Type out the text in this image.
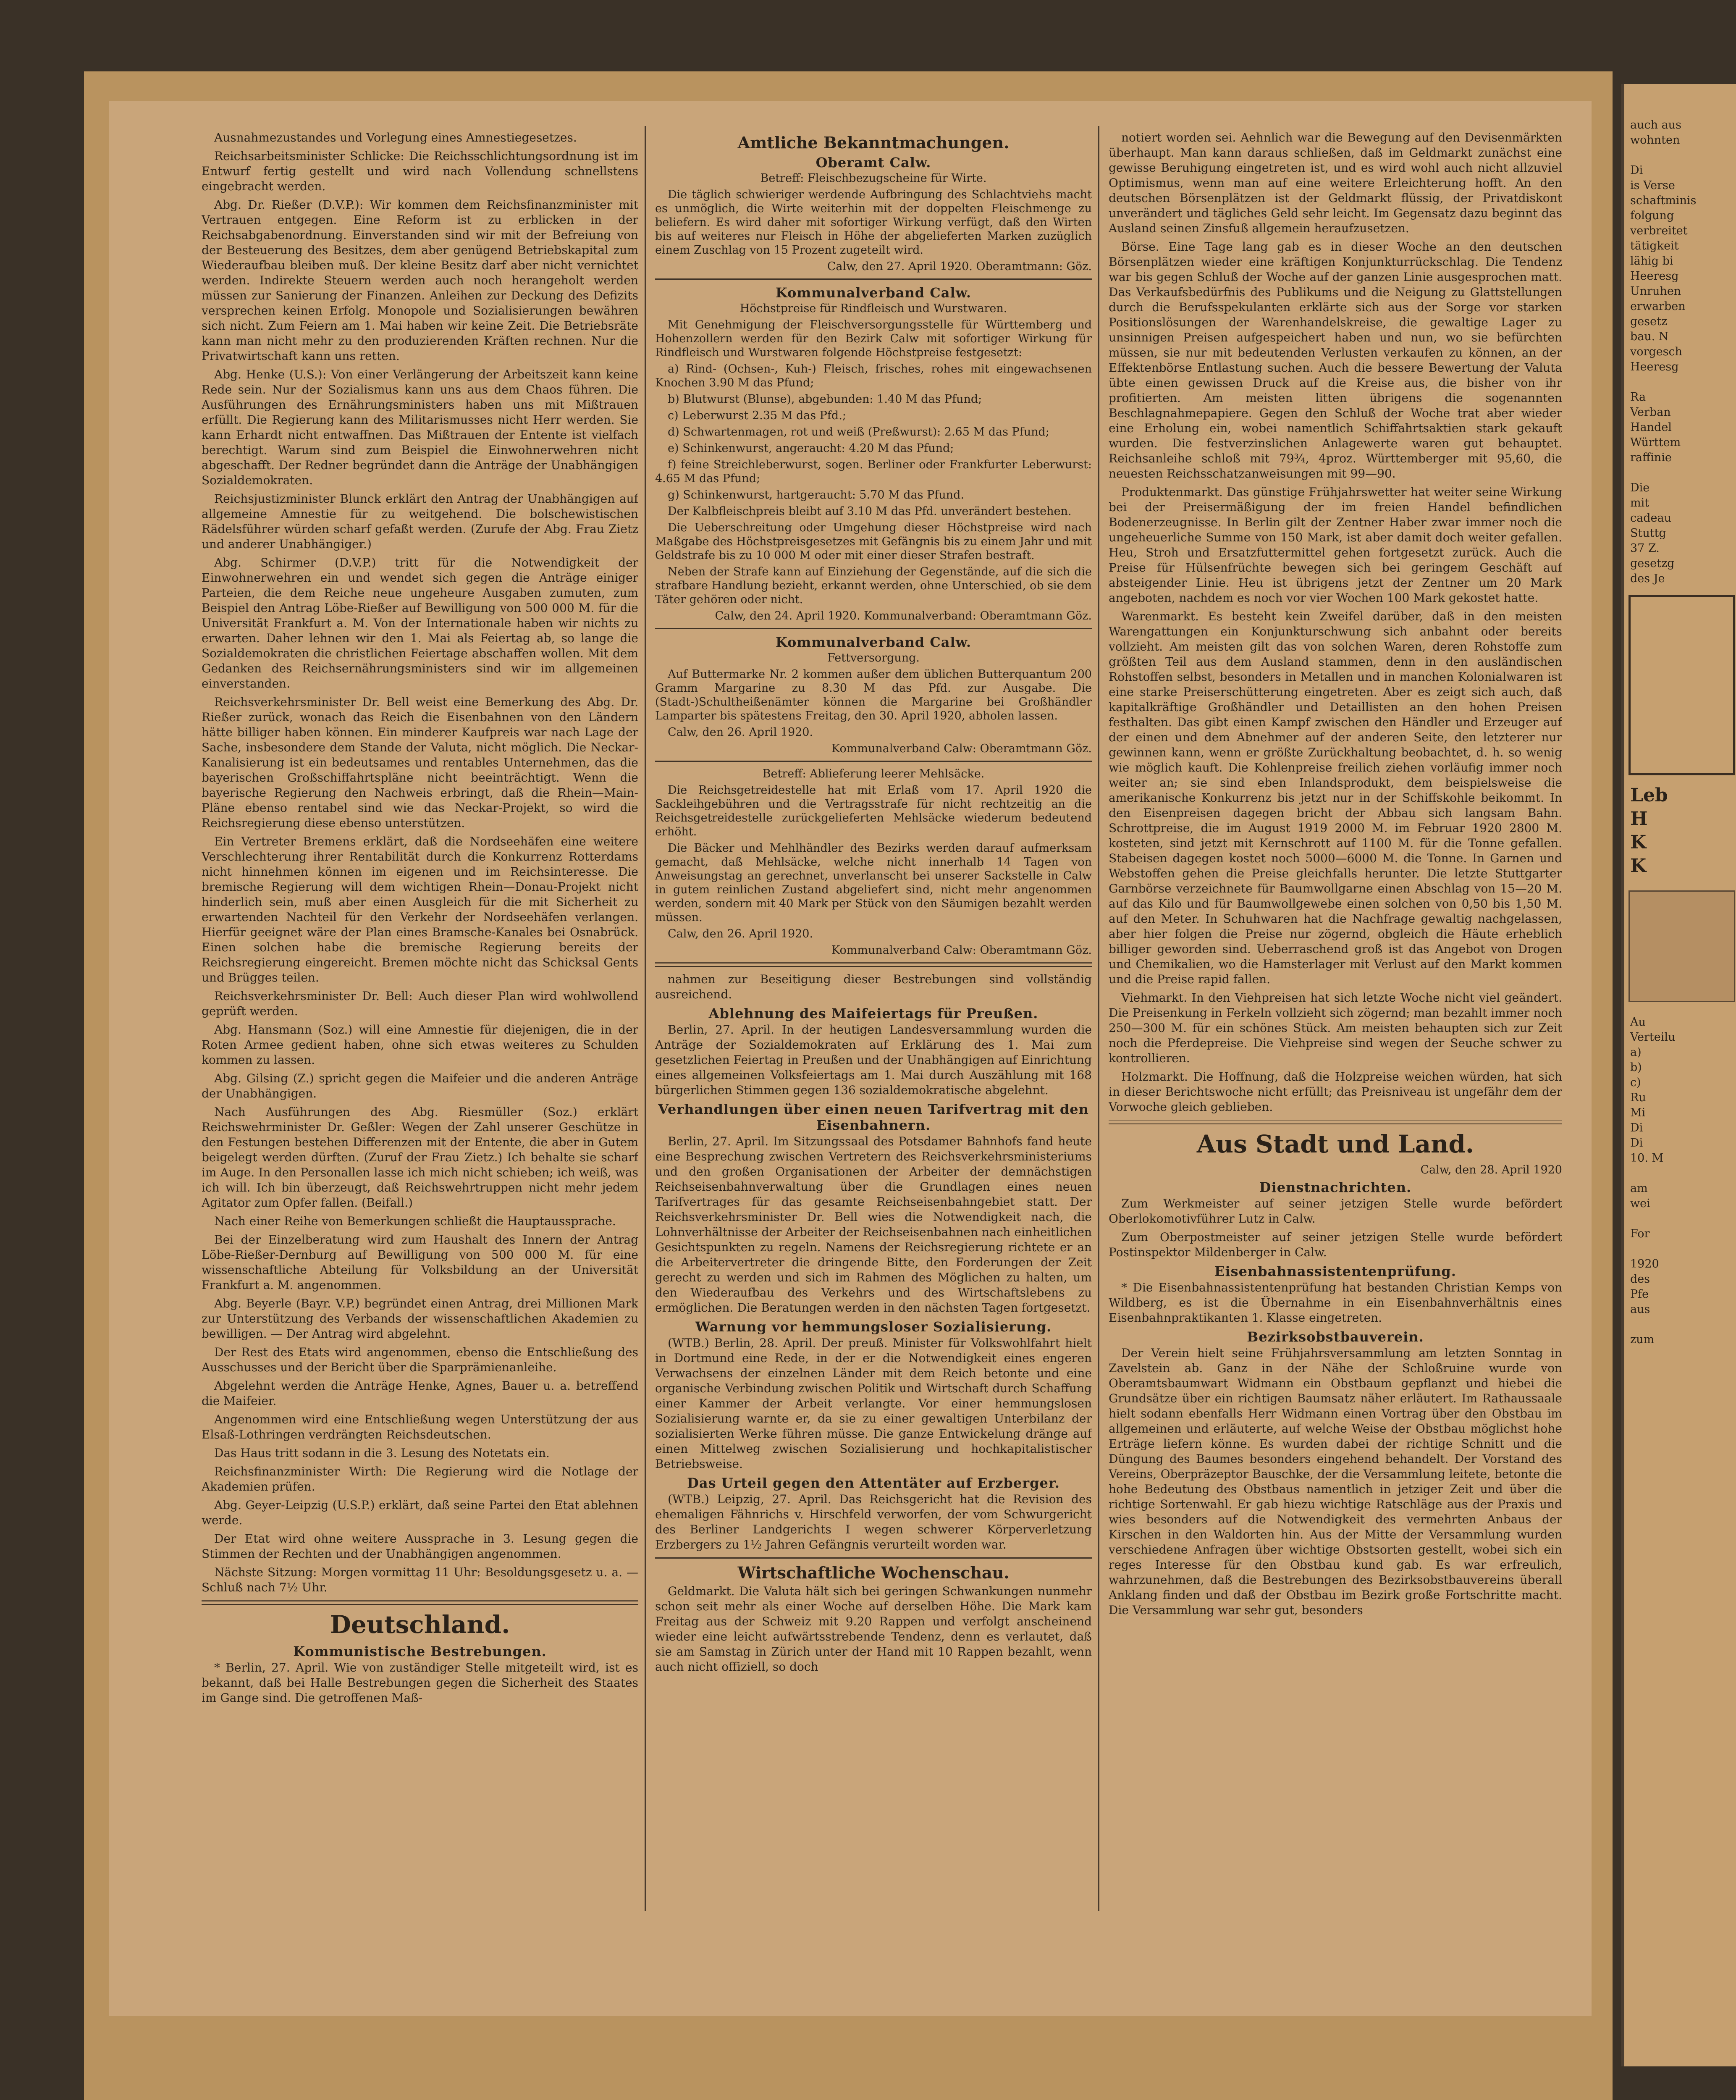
Ausnahmezustandes und Vorlegung eines Amnestiegesetzes.

Reichsarbeitsminister Schlicke: Die Reichsschlichtungsordnung ist im Entwurf fertig gestellt und wird nach Vollendung schnellstens eingebracht werden.

Abg. Dr. Rießer (D.V.P.): Wir kommen dem Reichsfinanzminister mit Vertrauen entgegen. Eine Reform ist zu erblicken in der Reichsabgabenordnung. Einverstanden sind wir mit der Befreiung von der Besteuerung des Besitzes, dem aber genügend Betriebskapital zum Wiederaufbau bleiben muß. Der kleine Besitz darf aber nicht vernichtet werden. Indirekte Steuern werden auch noch herangeholt werden müssen zur Sanierung der Finanzen. Anleihen zur Deckung des Defizits versprechen keinen Erfolg. Monopole und Sozialisierungen bewähren sich nicht. Zum Feiern am 1. Mai haben wir keine Zeit. Die Betriebsräte kann man nicht mehr zu den produzierenden Kräften rechnen. Nur die Privatwirtschaft kann uns retten.

Abg. Henke (U.S.): Von einer Verlängerung der Arbeitszeit kann keine Rede sein. Nur der Sozialismus kann uns aus dem Chaos führen. Die Ausführungen des Ernährungsministers haben uns mit Mißtrauen erfüllt. Die Regierung kann des Militarismusses nicht Herr werden. Sie kann Erhardt nicht entwaffnen. Das Mißtrauen der Entente ist vielfach berechtigt. Warum sind zum Beispiel die Einwohnerwehren nicht abgeschafft. Der Redner begründet dann die Anträge der Unabhängigen Sozialdemokraten.

Reichsjustizminister Blunck erklärt den Antrag der Unabhängigen auf allgemeine Amnestie für zu weitgehend. Die bolschewistischen Rädelsführer würden scharf gefaßt werden. (Zurufe der Abg. Frau Zietz und anderer Unabhängiger.)

Abg. Schirmer (D.V.P.) tritt für die Notwendigkeit der Einwohnerwehren ein und wendet sich gegen die Anträge einiger Parteien, die dem Reiche neue ungeheure Ausgaben zumuten, zum Beispiel den Antrag Löbe-Rießer auf Bewilligung von 500 000 M. für die Universität Frankfurt a. M. Von der Internationale haben wir nichts zu erwarten. Daher lehnen wir den 1. Mai als Feiertag ab, so lange die Sozialdemokraten die christlichen Feiertage abschaffen wollen. Mit dem Gedanken des Reichsernährungsministers sind wir im allgemeinen einverstanden.

Reichsverkehrsminister Dr. Bell weist eine Bemerkung des Abg. Dr. Rießer zurück, wonach das Reich die Eisenbahnen von den Ländern hätte billiger haben können. Ein minderer Kaufpreis war nach Lage der Sache, insbesondere dem Stande der Valuta, nicht möglich. Die Neckar-Kanalisierung ist ein bedeutsames und rentables Unternehmen, das die bayerischen Großschiffahrtspläne nicht beeinträchtigt. Wenn die bayerische Regierung den Nachweis erbringt, daß die Rhein—Main-Pläne ebenso rentabel sind wie das Neckar-Projekt, so wird die Reichsregierung diese ebenso unterstützen.

Ein Vertreter Bremens erklärt, daß die Nordseehäfen eine weitere Verschlechterung ihrer Rentabilität durch die Konkurrenz Rotterdams nicht hinnehmen können im eigenen und im Reichsinteresse. Die bremische Regierung will dem wichtigen Rhein—Donau-Projekt nicht hinderlich sein, muß aber einen Ausgleich für die mit Sicherheit zu erwartenden Nachteil für den Verkehr der Nordseehäfen verlangen. Hierfür geeignet wäre der Plan eines Bramsche-Kanales bei Osnabrück. Einen solchen habe die bremische Regierung bereits der Reichsregierung eingereicht. Bremen möchte nicht das Schicksal Gents und Brügges teilen.

Reichsverkehrsminister Dr. Bell: Auch dieser Plan wird wohlwollend geprüft werden.

Abg. Hansmann (Soz.) will eine Amnestie für diejenigen, die in der Roten Armee gedient haben, ohne sich etwas weiteres zu Schulden kommen zu lassen.

Abg. Gilsing (Z.) spricht gegen die Maifeier und die anderen Anträge der Unabhängigen.

Nach Ausführungen des Abg. Riesmüller (Soz.) erklärt Reichswehrminister Dr. Geßler: Wegen der Zahl unserer Geschütze in den Festungen bestehen Differenzen mit der Entente, die aber in Gutem beigelegt werden dürften. (Zuruf der Frau Zietz.) Ich behalte sie scharf im Auge. In den Personallen lasse ich mich nicht schieben; ich weiß, was ich will. Ich bin überzeugt, daß Reichswehrtruppen nicht mehr jedem Agitator zum Opfer fallen. (Beifall.)

Nach einer Reihe von Bemerkungen schließt die Hauptaussprache.

Bei der Einzelberatung wird zum Haushalt des Innern der Antrag Löbe-Rießer-Dernburg auf Bewilligung von 500 000 M. für eine wissenschaftliche Abteilung für Volksbildung an der Universität Frankfurt a. M. angenommen.

Abg. Beyerle (Bayr. V.P.) begründet einen Antrag, drei Millionen Mark zur Unterstützung des Verbands der wissenschaftlichen Akademien zu bewilligen. — Der Antrag wird abgelehnt.

Der Rest des Etats wird angenommen, ebenso die Entschließung des Ausschusses und der Bericht über die Sparprämienanleihe.

Abgelehnt werden die Anträge Henke, Agnes, Bauer u. a. betreffend die Maifeier.

Angenommen wird eine Entschließung wegen Unterstützung der aus Elsaß-Lothringen verdrängten Reichsdeutschen.

Das Haus tritt sodann in die 3. Lesung des Notetats ein.

Reichsfinanzminister Wirth: Die Regierung wird die Notlage der Akademien prüfen.

Abg. Geyer-Leipzig (U.S.P.) erklärt, daß seine Partei den Etat ablehnen werde.

Der Etat wird ohne weitere Aussprache in 3. Lesung gegen die Stimmen der Rechten und der Unabhängigen angenommen.

Nächste Sitzung: Morgen vormittag 11 Uhr: Besoldungsgesetz u. a. — Schluß nach 7½ Uhr.

Deutschland.
Kommunistische Bestrebungen.

* Berlin, 27. April. Wie von zuständiger Stelle mitgeteilt wird, ist es bekannt, daß bei Halle Bestrebungen gegen die Sicherheit des Staates im Gange sind. Die getroffenen Maß-

Amtliche Bekanntmachungen.
Oberamt Calw.

Betreff: Fleischbezugscheine für Wirte.

Die täglich schwieriger werdende Aufbringung des Schlachtviehs macht es unmöglich, die Wirte weiterhin mit der doppelten Fleischmenge zu beliefern. Es wird daher mit sofortiger Wirkung verfügt, daß den Wirten bis auf weiteres nur Fleisch in Höhe der abgelieferten Marken zuzüglich einem Zuschlag von 15 Prozent zugeteilt wird.

Calw, den 27. April 1920. Oberamtmann: Göz.

Kommunalverband Calw.

Höchstpreise für Rindfleisch und Wurstwaren.

Mit Genehmigung der Fleischversorgungsstelle für Württemberg und Hohenzollern werden für den Bezirk Calw mit sofortiger Wirkung für Rindfleisch und Wurstwaren folgende Höchstpreise festgesetzt:

a) Rind- (Ochsen-, Kuh-) Fleisch, frisches, rohes mit eingewachsenen Knochen 3.90 M das Pfund;

b) Blutwurst (Blunse), abgebunden: 1.40 M das Pfund;

c) Leberwurst 2.35 M das Pfd.;

d) Schwartenmagen, rot und weiß (Preßwurst): 2.65 M das Pfund;

e) Schinkenwurst, angeraucht: 4.20 M das Pfund;

f) feine Streichleberwurst, sogen. Berliner oder Frankfurter Leberwurst: 4.65 M das Pfund;

g) Schinkenwurst, hartgeraucht: 5.70 M das Pfund.

Der Kalbfleischpreis bleibt auf 3.10 M das Pfd. unverändert bestehen.

Die Ueberschreitung oder Umgehung dieser Höchstpreise wird nach Maßgabe des Höchstpreisgesetzes mit Gefängnis bis zu einem Jahr und mit Geldstrafe bis zu 10 000 M oder mit einer dieser Strafen bestraft.

Neben der Strafe kann auf Einziehung der Gegenstände, auf die sich die strafbare Handlung bezieht, erkannt werden, ohne Unterschied, ob sie dem Täter gehören oder nicht.

Calw, den 24. April 1920. Kommunalverband: Oberamtmann Göz.

Kommunalverband Calw.

Fettversorgung.

Auf Buttermarke Nr. 2 kommen außer dem üblichen Butterquantum 200 Gramm Margarine zu 8.30 M das Pfd. zur Ausgabe. Die (Stadt-)Schultheißenämter können die Margarine bei Großhändler Lamparter bis spätestens Freitag, den 30. April 1920, abholen lassen.

Calw, den 26. April 1920.

Kommunalverband Calw: Oberamtmann Göz.

Betreff: Ablieferung leerer Mehlsäcke.

Die Reichsgetreidestelle hat mit Erlaß vom 17. April 1920 die Sackleihgebühren und die Vertragsstrafe für nicht rechtzeitig an die Reichsgetreidestelle zurückgelieferten Mehlsäcke wiederum bedeutend erhöht.

Die Bäcker und Mehlhändler des Bezirks werden darauf aufmerksam gemacht, daß Mehlsäcke, welche nicht innerhalb 14 Tagen von Anweisungstag an gerechnet, unverlanscht bei unserer Sackstelle in Calw in gutem reinlichen Zustand abgeliefert sind, nicht mehr angenommen werden, sondern mit 40 Mark per Stück von den Säumigen bezahlt werden müssen.

Calw, den 26. April 1920.

Kommunalverband Calw: Oberamtmann Göz.

nahmen zur Beseitigung dieser Bestrebungen sind vollständig ausreichend.

Ablehnung des Maifeiertags für Preußen.

Berlin, 27. April. In der heutigen Landesversammlung wurden die Anträge der Sozialdemokraten auf Erklärung des 1. Mai zum gesetzlichen Feiertag in Preußen und der Unabhängigen auf Einrichtung eines allgemeinen Volksfeiertags am 1. Mai durch Auszählung mit 168 bürgerlichen Stimmen gegen 136 sozialdemokratische abgelehnt.

Verhandlungen über einen neuen Tarifvertrag mit den Eisenbahnern.

Berlin, 27. April. Im Sitzungssaal des Potsdamer Bahnhofs fand heute eine Besprechung zwischen Vertretern des Reichsverkehrsministeriums und den großen Organisationen der Arbeiter der demnächstigen Reichseisenbahnverwaltung über die Grundlagen eines neuen Tarifvertrages für das gesamte Reichseisenbahngebiet statt. Der Reichsverkehrsminister Dr. Bell wies die Notwendigkeit nach, die Lohnverhältnisse der Arbeiter der Reichseisenbahnen nach einheitlichen Gesichtspunkten zu regeln. Namens der Reichsregierung richtete er an die Arbeitervertreter die dringende Bitte, den Forderungen der Zeit gerecht zu werden und sich im Rahmen des Möglichen zu halten, um den Wiederaufbau des Verkehrs und des Wirtschaftslebens zu ermöglichen. Die Beratungen werden in den nächsten Tagen fortgesetzt.

Warnung vor hemmungsloser Sozialisierung.

(WTB.) Berlin, 28. April. Der preuß. Minister für Volkswohlfahrt hielt in Dortmund eine Rede, in der er die Notwendigkeit eines engeren Verwachsens der einzelnen Länder mit dem Reich betonte und eine organische Verbindung zwischen Politik und Wirtschaft durch Schaffung einer Kammer der Arbeit verlangte. Vor einer hemmungslosen Sozialisierung warnte er, da sie zu einer gewaltigen Unterbilanz der sozialisierten Werke führen müsse. Die ganze Entwickelung dränge auf einen Mittelweg zwischen Sozialisierung und hochkapitalistischer Betriebsweise.

Das Urteil gegen den Attentäter auf Erzberger.

(WTB.) Leipzig, 27. April. Das Reichsgericht hat die Revision des ehemaligen Fähnrichs v. Hirschfeld verworfen, der vom Schwurgericht des Berliner Landgerichts I wegen schwerer Körperverletzung Erzbergers zu 1½ Jahren Gefängnis verurteilt worden war.

Wirtschaftliche Wochenschau.

Geldmarkt. Die Valuta hält sich bei geringen Schwankungen nunmehr schon seit mehr als einer Woche auf derselben Höhe. Die Mark kam Freitag aus der Schweiz mit 9.20 Rappen und verfolgt anscheinend wieder eine leicht aufwärtsstrebende Tendenz, denn es verlautet, daß sie am Samstag in Zürich unter der Hand mit 10 Rappen bezahlt, wenn auch nicht offiziell, so doch

notiert worden sei. Aehnlich war die Bewegung auf den Devisenmärkten überhaupt. Man kann daraus schließen, daß im Geldmarkt zunächst eine gewisse Beruhigung eingetreten ist, und es wird wohl auch nicht allzuviel Optimismus, wenn man auf eine weitere Erleichterung hofft. An den deutschen Börsenplätzen ist der Geldmarkt flüssig, der Privatdiskont unverändert und tägliches Geld sehr leicht. Im Gegensatz dazu beginnt das Ausland seinen Zinsfuß allgemein heraufzusetzen.

Börse. Eine Tage lang gab es in dieser Woche an den deutschen Börsenplätzen wieder eine kräftigen Konjunkturrückschlag. Die Tendenz war bis gegen Schluß der Woche auf der ganzen Linie ausgesprochen matt. Das Verkaufsbedürfnis des Publikums und die Neigung zu Glattstellungen durch die Berufsspekulanten erklärte sich aus der Sorge vor starken Positionslösungen der Warenhandelskreise, die gewaltige Lager zu unsinnigen Preisen aufgespeichert haben und nun, wo sie befürchten müssen, sie nur mit bedeutenden Verlusten verkaufen zu können, an der Effektenbörse Entlastung suchen. Auch die bessere Bewertung der Valuta übte einen gewissen Druck auf die Kreise aus, die bisher von ihr profitierten. Am meisten litten übrigens die sogenannten Beschlagnahmepapiere. Gegen den Schluß der Woche trat aber wieder eine Erholung ein, wobei namentlich Schiffahrtsaktien stark gekauft wurden. Die festverzinslichen Anlagewerte waren gut behauptet. Reichsanleihe schloß mit 79¾, 4proz. Württemberger mit 95,60, die neuesten Reichsschatzanweisungen mit 99—90.

Produktenmarkt. Das günstige Frühjahrswetter hat weiter seine Wirkung bei der Preisermäßigung der im freien Handel befindlichen Bodenerzeugnisse. In Berlin gilt der Zentner Haber zwar immer noch die ungeheuerliche Summe von 150 Mark, ist aber damit doch weiter gefallen. Heu, Stroh und Ersatzfuttermittel gehen fortgesetzt zurück. Auch die Preise für Hülsenfrüchte bewegen sich bei geringem Geschäft auf absteigender Linie. Heu ist übrigens jetzt der Zentner um 20 Mark angeboten, nachdem es noch vor vier Wochen 100 Mark gekostet hatte.

Warenmarkt. Es besteht kein Zweifel darüber, daß in den meisten Warengattungen ein Konjunkturschwung sich anbahnt oder bereits vollzieht. Am meisten gilt das von solchen Waren, deren Rohstoffe zum größten Teil aus dem Ausland stammen, denn in den ausländischen Rohstoffen selbst, besonders in Metallen und in manchen Kolonialwaren ist eine starke Preiserschütterung eingetreten. Aber es zeigt sich auch, daß kapitalkräftige Großhändler und Detaillisten an den hohen Preisen festhalten. Das gibt einen Kampf zwischen den Händler und Erzeuger auf der einen und dem Abnehmer auf der anderen Seite, den letzterer nur gewinnen kann, wenn er größte Zurückhaltung beobachtet, d. h. so wenig wie möglich kauft. Die Kohlenpreise freilich ziehen vorläufig immer noch weiter an; sie sind eben Inlandsprodukt, dem beispielsweise die amerikanische Konkurrenz bis jetzt nur in der Schiffskohle beikommt. In den Eisenpreisen dagegen bricht der Abbau sich langsam Bahn. Schrottpreise, die im August 1919 2000 M. im Februar 1920 2800 M. kosteten, sind jetzt mit Kernschrott auf 1100 M. für die Tonne gefallen. Stabeisen dagegen kostet noch 5000—6000 M. die Tonne. In Garnen und Webstoffen gehen die Preise gleichfalls herunter. Die letzte Stuttgarter Garnbörse verzeichnete für Baumwollgarne einen Abschlag von 15—20 M. auf das Kilo und für Baumwollgewebe einen solchen von 0,50 bis 1,50 M. auf den Meter. In Schuhwaren hat die Nachfrage gewaltig nachgelassen, aber hier folgen die Preise nur zögernd, obgleich die Häute erheblich billiger geworden sind. Ueberraschend groß ist das Angebot von Drogen und Chemikalien, wo die Hamsterlager mit Verlust auf den Markt kommen und die Preise rapid fallen.

Viehmarkt. In den Viehpreisen hat sich letzte Woche nicht viel geändert. Die Preisenkung in Ferkeln vollzieht sich zögernd; man bezahlt immer noch 250—300 M. für ein schönes Stück. Am meisten behaupten sich zur Zeit noch die Pferdepreise. Die Viehpreise sind wegen der Seuche schwer zu kontrollieren.

Holzmarkt. Die Hoffnung, daß die Holzpreise weichen würden, hat sich in dieser Berichtswoche nicht erfüllt; das Preisniveau ist ungefähr dem der Vorwoche gleich geblieben.

Aus Stadt und Land.

Calw, den 28. April 1920

Dienstnachrichten.

Zum Werkmeister auf seiner jetzigen Stelle wurde befördert Oberlokomotivführer Lutz in Calw.

Zum Oberpostmeister auf seiner jetzigen Stelle wurde befördert Postinspektor Mildenberger in Calw.

Eisenbahnassistentenprüfung.

* Die Eisenbahnassistentenprüfung hat bestanden Christian Kemps von Wildberg, es ist die Übernahme in ein Eisenbahnverhältnis eines Eisenbahnpraktikanten 1. Klasse eingetreten.

Bezirksobstbauverein.

Der Verein hielt seine Frühjahrsversammlung am letzten Sonntag in Zavelstein ab. Ganz in der Nähe der Schloßruine wurde von Oberamtsbaumwart Widmann ein Obstbaum gepflanzt und hiebei die Grundsätze über ein richtigen Baumsatz näher erläutert. Im Rathaussaale hielt sodann ebenfalls Herr Widmann einen Vortrag über den Obstbau im allgemeinen und erläuterte, auf welche Weise der Obstbau möglichst hohe Erträge liefern könne. Es wurden dabei der richtige Schnitt und die Düngung des Baumes besonders eingehend behandelt. Der Vorstand des Vereins, Oberpräzeptor Bauschke, der die Versammlung leitete, betonte die hohe Bedeutung des Obstbaus namentlich in jetziger Zeit und über die richtige Sortenwahl. Er gab hiezu wichtige Ratschläge aus der Praxis und wies besonders auf die Notwendigkeit des vermehrten Anbaus der Kirschen in den Waldorten hin. Aus der Mitte der Versammlung wurden verschiedene Anfragen über wichtige Obstsorten gestellt, wobei sich ein reges Interesse für den Obstbau kund gab. Es war erfreulich, wahrzunehmen, daß die Bestrebungen des Bezirksobstbauvereins überall Anklang finden und daß der Obstbau im Bezirk große Fortschritte macht. Die Versammlung war sehr gut, besonders

auch aus
wohnten

Di
is Verse
schaftminis
folgung
verbreitet
tätigkeit
lähig bi
Heeresg
Unruhen
erwarben
gesetz
bau. N
vorgesch
Heeresg

Ra
Verban
Handel
Württem
raffinie

Die
mit
cadeau
Stuttg
37 Z.
gesetzg
des Je
Leb
H
K
K
Au
Verteilu
a)
b)
c)
Ru
Mi
Di
Di
10. M

am
wei

For

1920
des
Pfe
aus

zum
